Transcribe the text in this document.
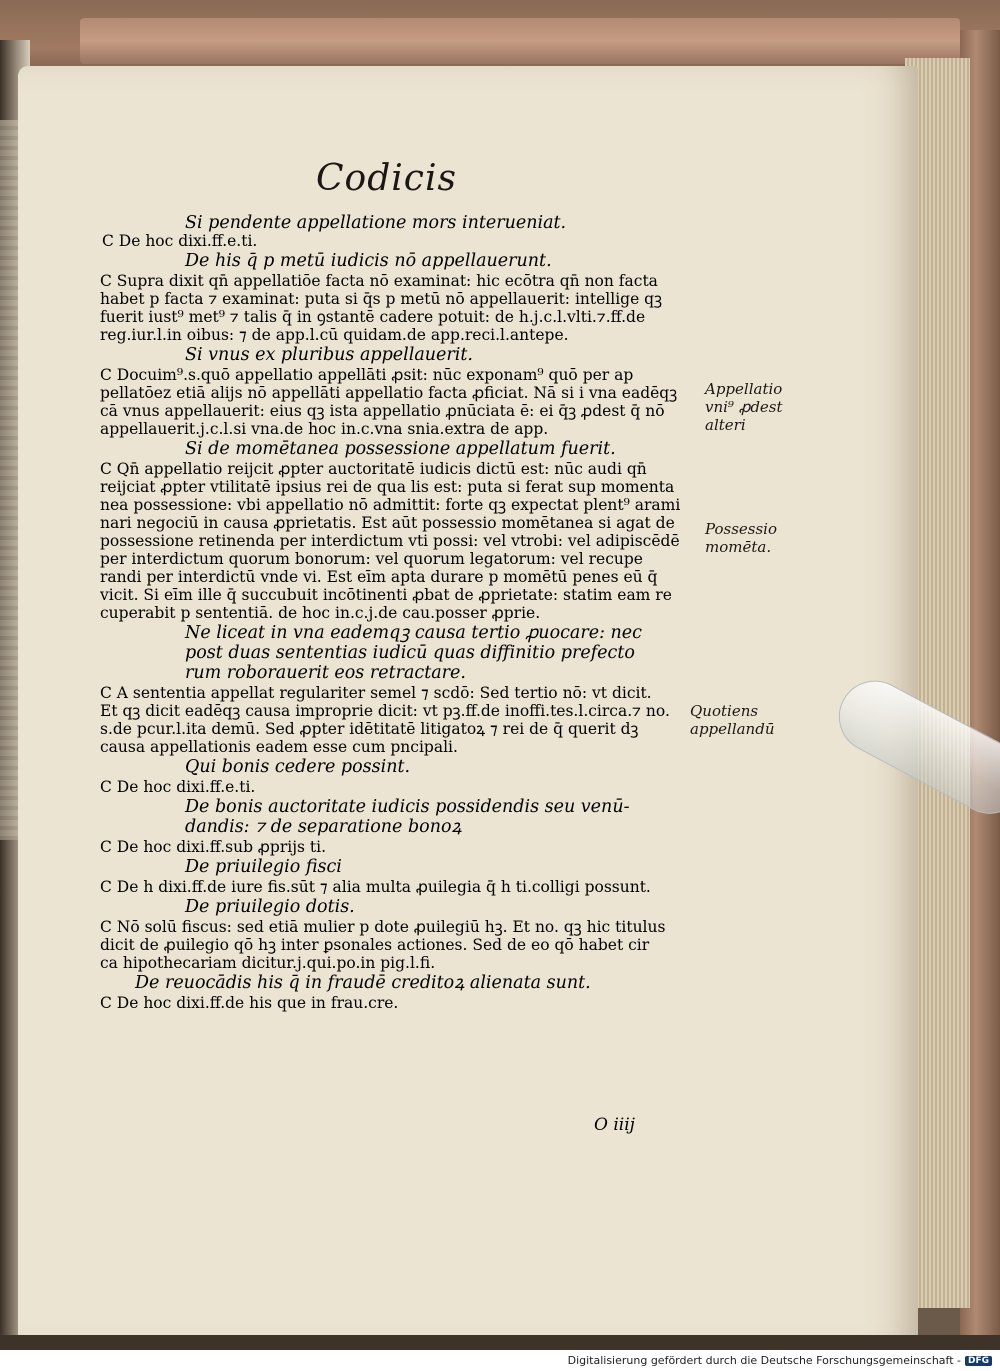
Codicis
O iiij
Si pendente appellatione mors interueniat.
C De hoc dixi.ff.e.ti.
De his q̄ p metū iudicis nō appellauerunt.
C Supra dixit qn̄ appellatiōe facta nō examinat: hic ecōtra qn̄ non facta
habet p facta ⁊ examinat: puta si q̄s p metū nō appellauerit: intellige qꝫ
fuerit iust⁹ met⁹ ⁊ talis q̄ in ꝯstantē cadere potuit: de h.j.c.l.vlti.⁊.ff.de
reg.iur.l.in oibus: ⁊ de app.l.cū quidam.de app.reci.l.antepe.
Si vnus ex pluribus appellauerit.
C Docuim⁹.s.quō appellatio appellāti ꝓsit: nūc exponam⁹ quō per ap
pellatōez etiā alijs nō appellāti appellatio facta ꝓficiat. Nā si i vna eadēqꝫ
cā vnus appellauerit: eius qꝫ ista appellatio ꝓnūciata ē: ei q̄ꝫ ꝓdest q̄ nō
appellauerit.j.c.l.si vna.de hoc in.c.vna snia.extra de app.
Si de momētanea possessione appellatum fuerit.
C Qn̄ appellatio reijcit ꝓpter auctoritatē iudicis dictū est: nūc audi qn̄
reijciat ꝓpter vtilitatē ipsius rei de qua lis est: puta si ferat sup momenta
nea possessione: vbi appellatio nō admittit: forte qꝫ expectat plent⁹ arami
nari negociū in causa ꝓprietatis. Est aūt possessio momētanea si agat de
possessione retinenda per interdictum vti possi: vel vtrobi: vel adipiscēdē
per interdictum quorum bonorum: vel quorum legatorum: vel recupe
randi per interdictū vnde vi. Est eīm apta durare p momētū penes eū q̄
vicit. Si eīm ille q̄ succubuit incōtinenti ꝓbat de ꝓprietate: statim eam re
cuperabit p sententiā. de hoc in.c.j.de cau.posser ꝓprie.
Ne liceat in vna eademqꝫ causa tertio ꝓuocare: nec
post duas sententias iudicū quas diffinitio prefecto
rum roborauerit eos retractare.
C A sententia appellat regulariter semel ⁊ scdō: Sed tertio nō: vt dicit.
Et qꝫ dicit eadēqꝫ causa improprie dicit: vt pꝫ.ff.de inoffi.tes.l.circa.⁊ no.
s.de pcur.l.ita demū. Sed ꝓpter idētitatē litigatoꝝ ⁊ rei de q̄ querit dꝫ
causa appellationis eadem esse cum pncipali.
Qui bonis cedere possint.
C De hoc dixi.ff.e.ti.
De bonis auctoritate iudicis possidendis seu venū-
dandis: ⁊ de separatione bonoꝝ
C De hoc dixi.ff.sub ꝓprijs ti.
De priuilegio fisci
C De h dixi.ff.de iure fis.sūt ⁊ alia multa ꝓuilegia q̄ h ti.colligi possunt.
De priuilegio dotis.
C Nō solū fiscus: sed etiā mulier p dote ꝓuilegiū hꝫ. Et no. qꝫ hic titulus
dicit de ꝓuilegio qō hꝫ inter ꝑsonales actiones. Sed de eo qō habet cir
ca hipothecariam dicitur.j.qui.po.in pig.l.fi.
De reuocādis his q̄ in fraudē creditoꝝ alienata sunt.
C De hoc dixi.ff.de his que in frau.cre.
Appellatio
vni⁹ ꝓdest
alteri
Possessio
momēta.
Quotiens
appellandū
Digitalisierung gefördert durch die Deutsche Forschungsgemeinschaft - DFG
